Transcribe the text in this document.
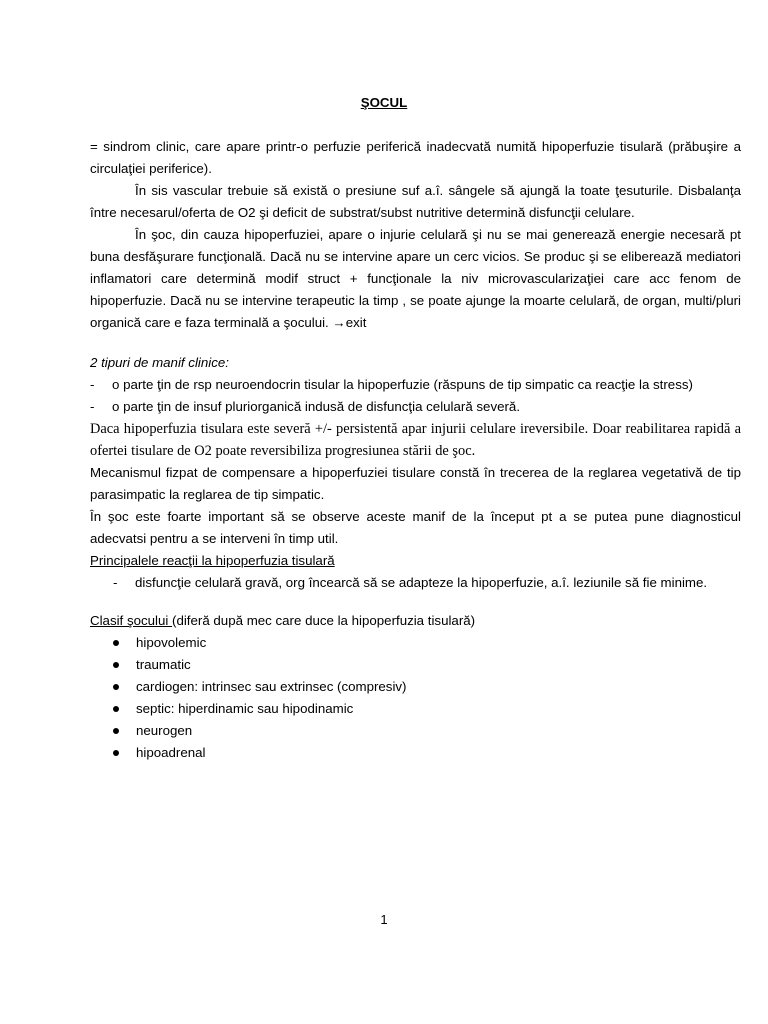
ŞOCUL

= sindrom clinic, care apare printr-o perfuzie periferică inadecvată numită hipoperfuzie tisulară (prăbuşire a circulaţiei periferice).

În sis vascular trebuie să există o presiune suf a.î. sângele să ajungă la toate ţesuturile. Disbalanţa între necesarul/oferta de O2 şi deficit de substrat/subst nutritive determină disfuncţii celulare.

În şoc, din cauza hipoperfuziei, apare o injurie celulară şi nu se mai generează energie necesară pt buna desfăşurare funcţională. Dacă nu se intervine apare un cerc vicios. Se produc şi se eliberează mediatori inflamatori care determină modif struct + funcţionale la niv microvascularizaţiei care acc fenom de hipoperfuzie. Dacă nu se intervine terapeutic la timp , se poate ajunge la moarte celulară, de organ, multi/pluri organică care e faza terminală a şocului. →exit

2 tipuri de manif clinice:

- o parte ţin de rsp neuroendocrin tisular la hipoperfuzie (răspuns de tip simpatic ca reacţie la stress)
- o parte ţin de insuf pluriorganică indusă de disfuncţia celulară severă.

Daca hipoperfuzia tisulara este severă +/- persistentă apar injurii celulare ireversibile. Doar reabilitarea rapidă a ofertei tisulare de O2 poate reversibiliza progresiunea stării de şoc.

Mecanismul fizpat de compensare a hipoperfuziei tisulare constă în trecerea de la reglarea vegetativă de tip parasimpatic la reglarea de tip simpatic.

În şoc este foarte important să se observe aceste manif de la început pt a se putea pune diagnosticul adecvatsi pentru a se interveni în timp util.

Principalele reacţii la hipoperfuzia tisulară

- disfuncţie celulară gravă, org încearcă să se adapteze la hipoperfuzie, a.î. leziunile să fie minime.

Clasif şocului (diferă după mec care duce la hipoperfuzia tisulară)

hipovolemic
traumatic
cardiogen: intrinsec sau extrinsec (compresiv)
septic: hiperdinamic sau hipodinamic
neurogen
hipoadrenal
1
